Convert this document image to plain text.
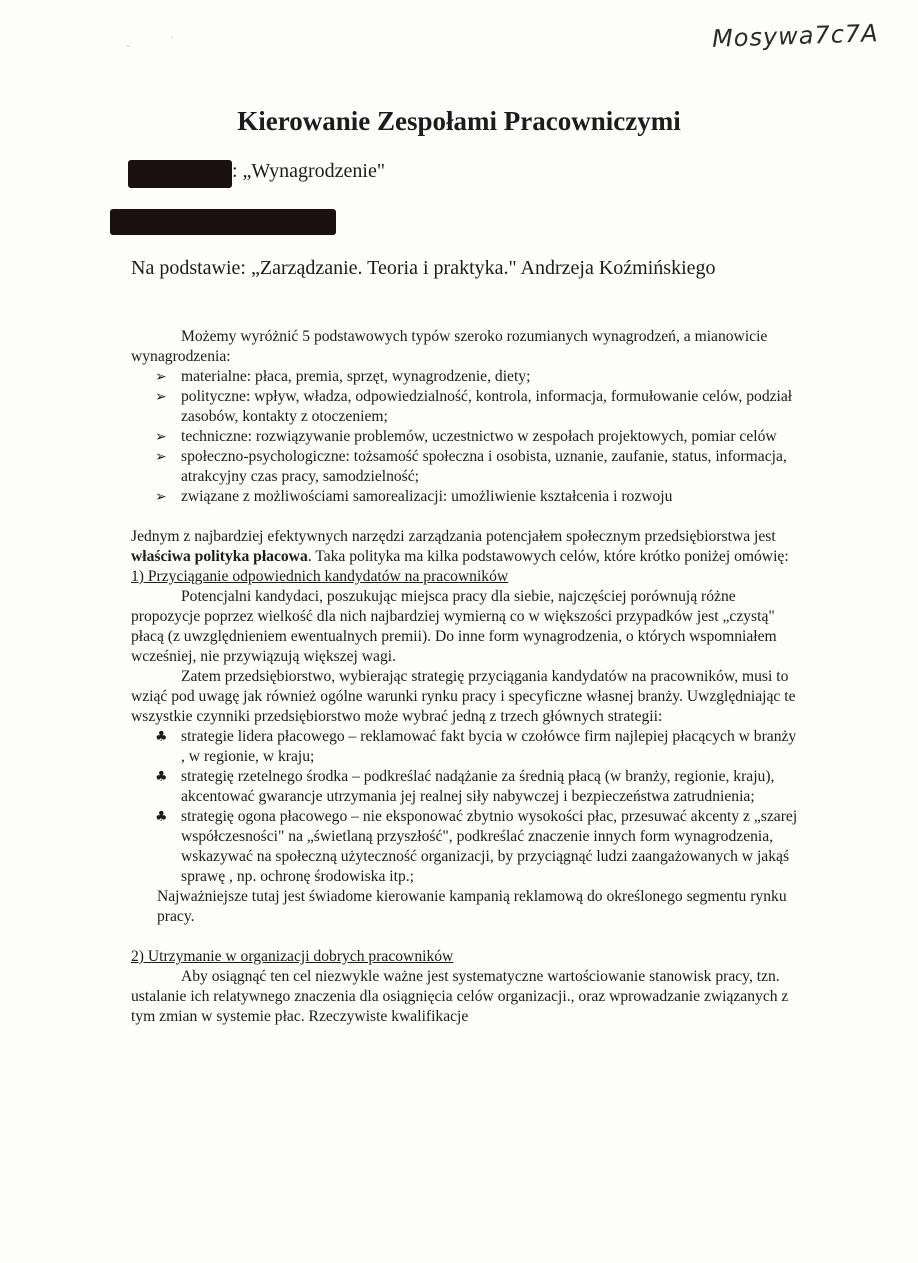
-
·	Mosywa7c7A
Kierowanie Zespołami Pracowniczymi
: „Wynagrodzenie"
Na podstawie: „Zarządzanie. Teoria i praktyka." Andrzeja Koźmińskiego

Możemy wyróżnić 5 podstawowych typów szeroko rozumianych wynagrodzeń, a mianowicie wynagrodzenia:

➢ materialne: płaca, premia, sprzęt, wynagrodzenie, diety;
➢ polityczne: wpływ, władza, odpowiedzialność, kontrola, informacja, formułowanie celów, podział zasobów, kontakty z otoczeniem;
➢ techniczne: rozwiązywanie problemów, uczestnictwo w zespołach projektowych, pomiar celów
➢ społeczno-psychologiczne: tożsamość społeczna i osobista, uznanie, zaufanie, status, informacja, atrakcyjny czas pracy, samodzielność;
➢ związane z możliwościami samorealizacji: umożliwienie kształcenia i rozwoju

Jednym z najbardziej efektywnych narzędzi zarządzania potencjałem społecznym przedsiębiorstwa jest właściwa polityka płacowa. Taka polityka ma kilka podstawowych celów, które krótko poniżej omówię:

1) Przyciąganie odpowiednich kandydatów na pracowników

Potencjalni kandydaci, poszukując miejsca pracy dla siebie, najczęściej porównują różne propozycje poprzez wielkość dla nich najbardziej wymierną co w większości przypadków jest „czystą" płacą (z uwzględnieniem ewentualnych premii). Do inne form wynagrodzenia, o których wspomniałem wcześniej, nie przywiązują większej wagi.

Zatem przedsiębiorstwo, wybierając strategię przyciągania kandydatów na pracowników, musi to wziąć pod uwagę jak również ogólne warunki rynku pracy i specyficzne własnej branży. Uwzględniając te wszystkie czynniki przedsiębiorstwo może wybrać jedną z trzech głównych strategii:

♣ strategie lidera płacowego – reklamować fakt bycia w czołówce firm najlepiej płacących w branży , w regionie, w kraju;
♣ strategię rzetelnego środka – podkreślać nadążanie za średnią płacą (w branży, regionie, kraju), akcentować gwarancje utrzymania jej realnej siły nabywczej i bezpieczeństwa zatrudnienia;
♣ strategię ogona płacowego – nie eksponować zbytnio wysokości płac, przesuwać akcenty z „szarej współczesności" na „świetlaną przyszłość", podkreślać znaczenie innych form wynagrodzenia, wskazywać na społeczną użyteczność organizacji, by przyciągnąć ludzi zaangażowanych w jakąś sprawę , np. ochronę środowiska itp.;

Najważniejsze tutaj jest świadome kierowanie kampanią reklamową do określonego segmentu rynku pracy.

2) Utrzymanie w organizacji dobrych pracowników

Aby osiągnąć ten cel niezwykle ważne jest systematyczne wartościowanie stanowisk pracy, tzn. ustalanie ich relatywnego znaczenia dla osiągnięcia celów organizacji., oraz wprowadzanie związanych z tym zmian w systemie płac. Rzeczywiste kwalifikacje
